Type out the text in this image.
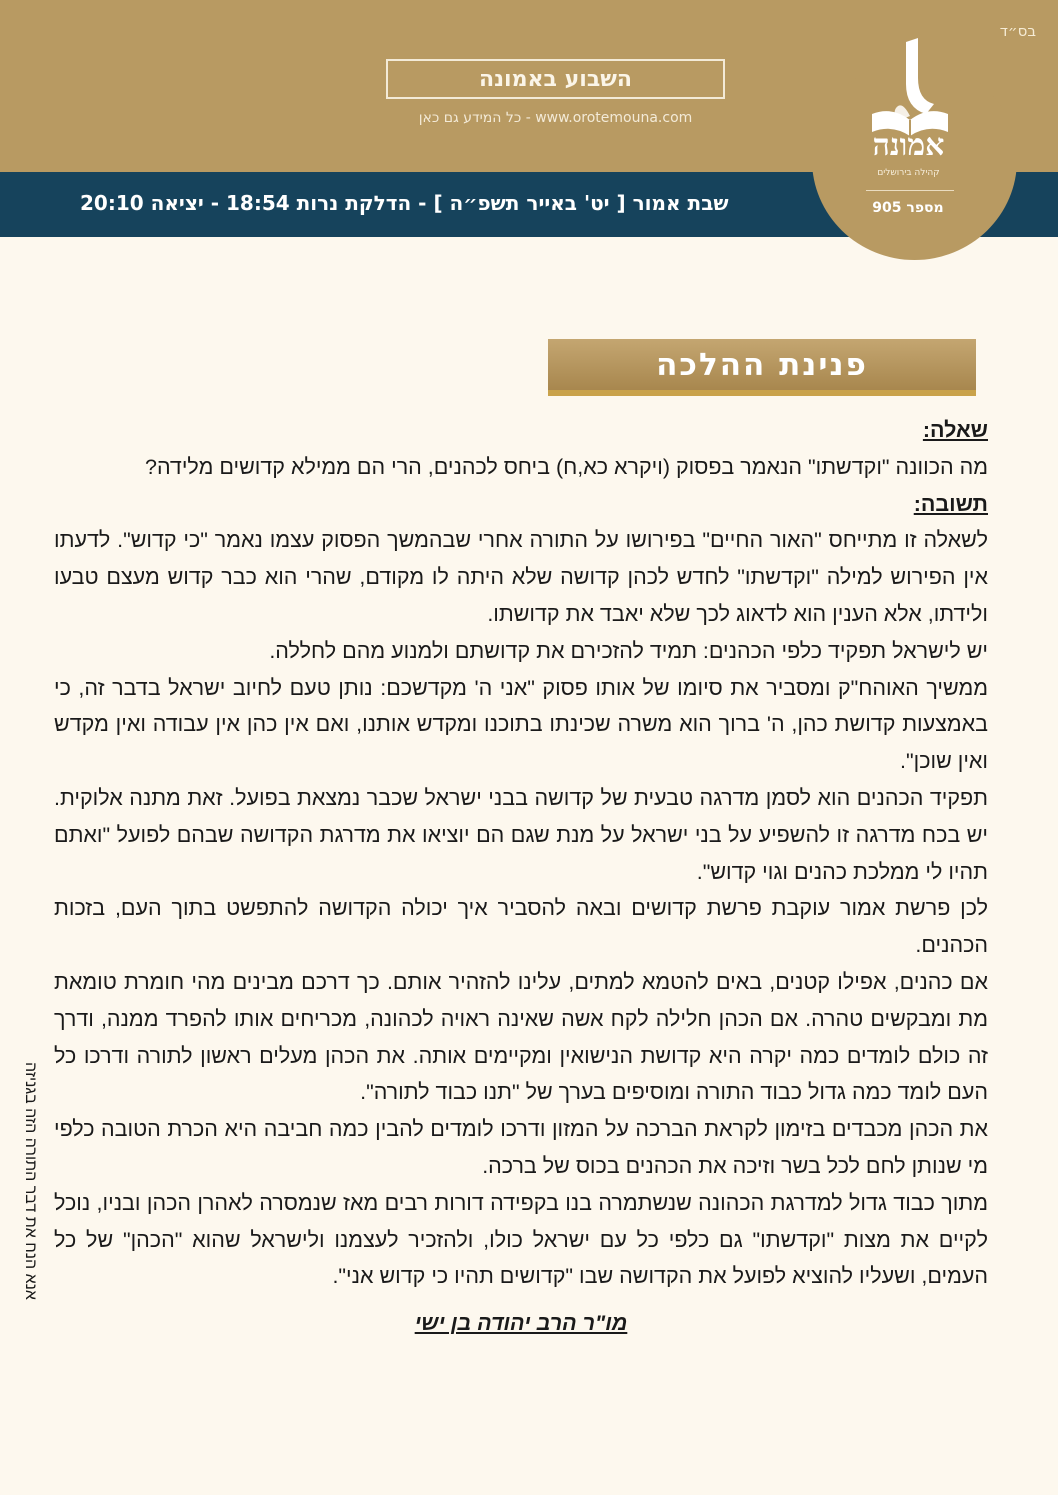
בס״ד
השבוע באמונה
www.orotemouna.com - כל המידע גם כאן
שבת אמור [ יט' באייר תשפ״ה ] - הדלקת נרות 18:54 - יציאה 20:10
אמונה
קהילה בירושלים
מספר 905
פנינת ההלכה

שאלה:

מה הכוונה "וקדשתו" הנאמר בפסוק (ויקרא כא,ח) ביחס לכהנים, הרי הם ממילא קדושים מלידה?

תשובה:

לשאלה זו מתייחס "האור החיים" בפירושו על התורה אחרי שבהמשך הפסוק עצמו נאמר "כי קדוש". לדעתו אין הפירוש למילה "וקדשתו" לחדש לכהן קדושה שלא היתה לו מקודם, שהרי הוא כבר קדוש מעצם טבעו ולידתו, אלא הענין הוא לדאוג לכך שלא יאבד את קדושתו.

יש לישראל תפקיד כלפי הכהנים: תמיד להזכירם את קדושתם ולמנוע מהם לחללה.

ממשיך האוהח"ק ומסביר את סיומו של אותו פסוק "אני ה' מקדשכם: נותן טעם לחיוב ישראל בדבר זה, כי באמצעות קדושת כהן, ה' ברוך הוא משרה שכינתו בתוכנו ומקדש אותנו, ואם אין כהן אין עבודה ואין מקדש ואין שוכן".

תפקיד הכהנים הוא לסמן מדרגה טבעית של קדושה בבני ישראל שכבר נמצאת בפועל. זאת מתנה אלוקית. יש בכח מדרגה זו להשפיע על בני ישראל על מנת שגם הם יוציאו את מדרגת הקדושה שבהם לפועל "ואתם תהיו לי ממלכת כהנים וגוי קדוש".

לכן פרשת אמור עוקבת פרשת קדושים ובאה להסביר איך יכולה הקדושה להתפשט בתוך העם, בזכות הכהנים.

אם כהנים, אפילו קטנים, באים להטמא למתים, עלינו להזהיר אותם. כך דרכם מבינים מהי חומרת טומאת מת ומבקשים טהרה. אם הכהן חלילה לקח אשה שאינה ראויה לכהונה, מכריחים אותו להפרד ממנה, ודרך זה כולם לומדים כמה יקרה היא קדושת הנישואין ומקיימים אותה. את הכהן מעלים ראשון לתורה ודרכו כל העם לומד כמה גדול כבוד התורה ומוסיפים בערך של "תנו כבוד לתורה".

את הכהן מכבדים בזימון לקראת הברכה על המזון ודרכו לומדים להבין כמה חביבה היא הכרת הטובה כלפי מי שנותן לחם לכל בשר וזיכה את הכהנים בכוס של ברכה.

מתוך כבוד גדול למדרגת הכהונה שנשתמרה בנו בקפידה דורות רבים מאז שנמסרה לאהרן הכהן ובניו, נוכל לקיים את מצות "וקדשתו" גם כלפי כל עם ישראל כולו, ולהזכיר לעצמנו ולישראל שהוא "הכהן" של כל העמים, ושעליו להוציא לפועל את הקדושה שבו "קדושים תהיו כי קדוש אני".

מו"ר הרב יהודה בן ישי

אנא הנח את דבר התורה הזה בגניזה
